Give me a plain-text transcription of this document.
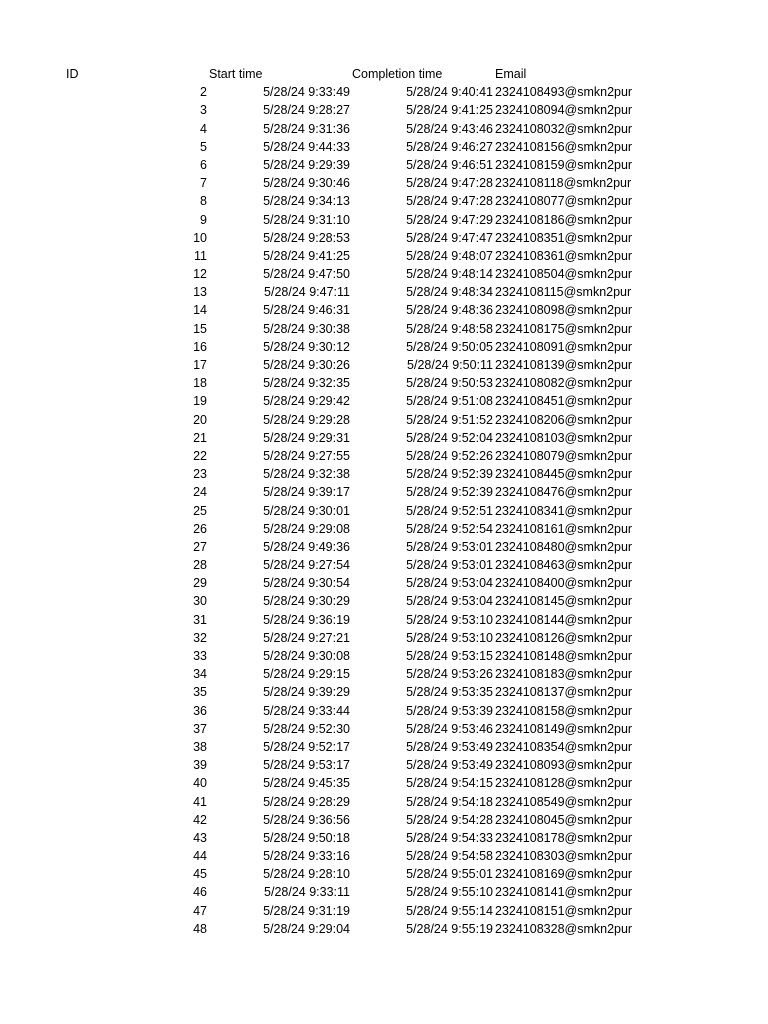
ID	Start time	Completion time	Email
2	5/28/24 9:33:49	5/28/24 9:40:41 2324108493@smkn2pur
3	5/28/24 9:28:27	5/28/24 9:41:25 2324108094@smkn2pur
4	5/28/24 9:31:36	5/28/24 9:43:46 2324108032@smkn2pur
5	5/28/24 9:44:33	5/28/24 9:46:27 2324108156@smkn2pur
6	5/28/24 9:29:39	5/28/24 9:46:51 2324108159@smkn2pur
7	5/28/24 9:30:46	5/28/24 9:47:28 2324108118@smkn2pur
8	5/28/24 9:34:13	5/28/24 9:47:28 2324108077@smkn2pur
9	5/28/24 9:31:10	5/28/24 9:47:29 2324108186@smkn2pur
10	5/28/24 9:28:53	5/28/24 9:47:47 2324108351@smkn2pur
11	5/28/24 9:41:25	5/28/24 9:48:07 2324108361@smkn2pur
12	5/28/24 9:47:50	5/28/24 9:48:14 2324108504@smkn2pur
13	5/28/24 9:47:11	5/28/24 9:48:34 2324108115@smkn2pur
14	5/28/24 9:46:31	5/28/24 9:48:36 2324108098@smkn2pur
15	5/28/24 9:30:38	5/28/24 9:48:58 2324108175@smkn2pur
16	5/28/24 9:30:12	5/28/24 9:50:05 2324108091@smkn2pur
17	5/28/24 9:30:26	5/28/24 9:50:11 2324108139@smkn2pur
18	5/28/24 9:32:35	5/28/24 9:50:53 2324108082@smkn2pur
19	5/28/24 9:29:42	5/28/24 9:51:08 2324108451@smkn2pur
20	5/28/24 9:29:28	5/28/24 9:51:52 2324108206@smkn2pur
21	5/28/24 9:29:31	5/28/24 9:52:04 2324108103@smkn2pur
22	5/28/24 9:27:55	5/28/24 9:52:26 2324108079@smkn2pur
23	5/28/24 9:32:38	5/28/24 9:52:39 2324108445@smkn2pur
24	5/28/24 9:39:17	5/28/24 9:52:39 2324108476@smkn2pur
25	5/28/24 9:30:01	5/28/24 9:52:51 2324108341@smkn2pur
26	5/28/24 9:29:08	5/28/24 9:52:54 2324108161@smkn2pur
27	5/28/24 9:49:36	5/28/24 9:53:01 2324108480@smkn2pur
28	5/28/24 9:27:54	5/28/24 9:53:01 2324108463@smkn2pur
29	5/28/24 9:30:54	5/28/24 9:53:04 2324108400@smkn2pur
30	5/28/24 9:30:29	5/28/24 9:53:04 2324108145@smkn2pur
31	5/28/24 9:36:19	5/28/24 9:53:10 2324108144@smkn2pur
32	5/28/24 9:27:21	5/28/24 9:53:10 2324108126@smkn2pur
33	5/28/24 9:30:08	5/28/24 9:53:15 2324108148@smkn2pur
34	5/28/24 9:29:15	5/28/24 9:53:26 2324108183@smkn2pur
35	5/28/24 9:39:29	5/28/24 9:53:35 2324108137@smkn2pur
36	5/28/24 9:33:44	5/28/24 9:53:39 2324108158@smkn2pur
37	5/28/24 9:52:30	5/28/24 9:53:46 2324108149@smkn2pur
38	5/28/24 9:52:17	5/28/24 9:53:49 2324108354@smkn2pur
39	5/28/24 9:53:17	5/28/24 9:53:49 2324108093@smkn2pur
40	5/28/24 9:45:35	5/28/24 9:54:15 2324108128@smkn2pur
41	5/28/24 9:28:29	5/28/24 9:54:18 2324108549@smkn2pur
42	5/28/24 9:36:56	5/28/24 9:54:28 2324108045@smkn2pur
43	5/28/24 9:50:18	5/28/24 9:54:33 2324108178@smkn2pur
44	5/28/24 9:33:16	5/28/24 9:54:58 2324108303@smkn2pur
45	5/28/24 9:28:10	5/28/24 9:55:01 2324108169@smkn2pur
46	5/28/24 9:33:11	5/28/24 9:55:10 2324108141@smkn2pur
47	5/28/24 9:31:19	5/28/24 9:55:14 2324108151@smkn2pur
48	5/28/24 9:29:04	5/28/24 9:55:19 2324108328@smkn2pur
